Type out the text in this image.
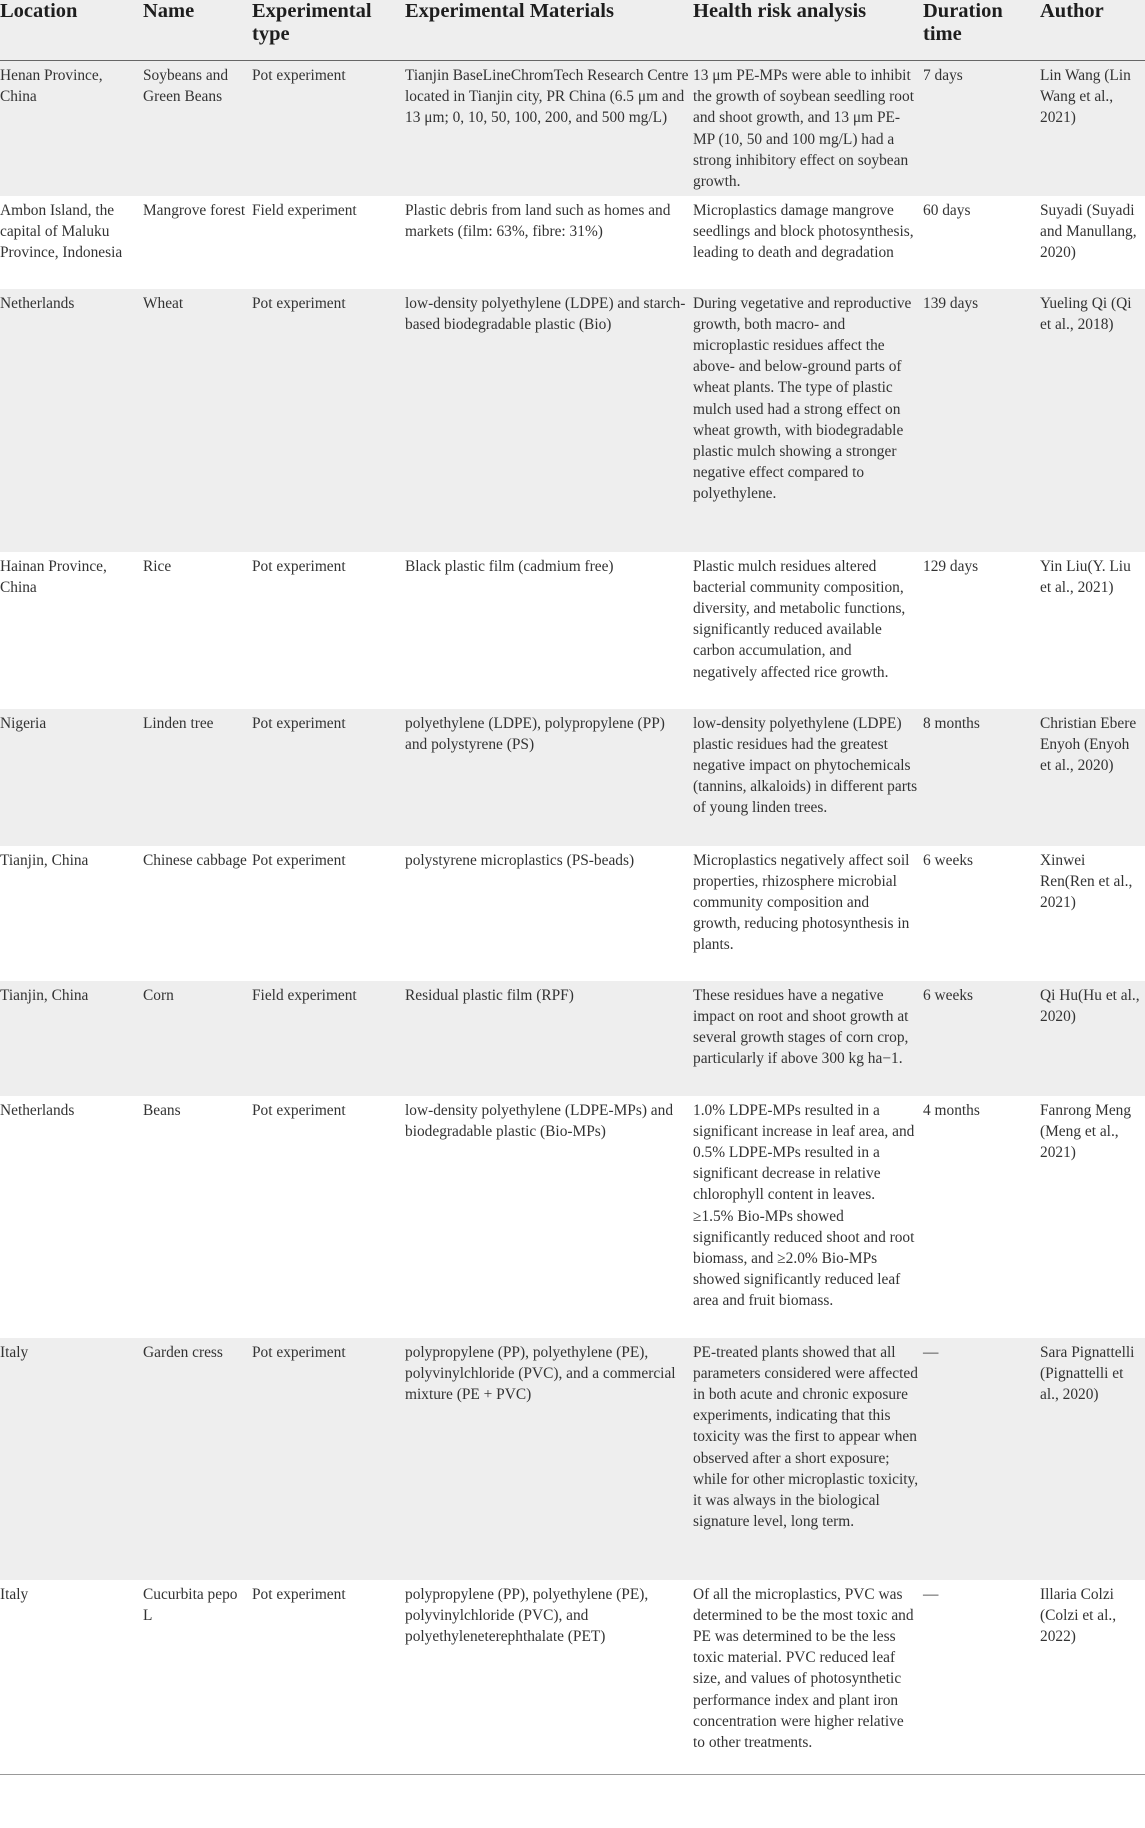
Location	Name	Experimental type	Experimental Materials	Health risk analysis	Duration time	Author
Henan Province, China	Soybeans and Green Beans	Pot experiment	Tianjin BaseLineChromTech Research Centre located in Tianjin city, PR China (6.5 μm and 13 μm; 0, 10, 50, 100, 200, and 500 mg/L)	13 μm PE-MPs were able to inhibit the growth of soybean seedling root and shoot growth, and 13 μm PE-MP (10, 50 and 100 mg/L) had a strong inhibitory effect on soybean growth.	7 days	Lin Wang (Lin Wang et al., 2021)
Ambon Island, the capital of Maluku Province, Indonesia	Mangrove forest	Field experiment	Plastic debris from land such as homes and markets (film: 63%, fibre: 31%)	Microplastics damage mangrove seedlings and block photosynthesis, leading to death and degradation	60 days	Suyadi (Suyadi and Manullang, 2020)
Netherlands	Wheat	Pot experiment	low-density polyethylene (LDPE) and starch-based biodegradable plastic (Bio)	During vegetative and reproductive growth, both macro- and microplastic residues affect the above- and below-ground parts of wheat plants. The type of plastic mulch used had a strong effect on wheat growth, with biodegradable plastic mulch showing a stronger negative effect compared to polyethylene.	139 days	Yueling Qi (Qi et al., 2018)
Hainan Province, China	Rice	Pot experiment	Black plastic film (cadmium free)	Plastic mulch residues altered bacterial community composition, diversity, and metabolic functions, significantly reduced available carbon accumulation, and negatively affected rice growth.	129 days	Yin Liu(Y. Liu et al., 2021)
Nigeria	Linden tree	Pot experiment	polyethylene (LDPE), polypropylene (PP) and polystyrene (PS)	low-density polyethylene (LDPE) plastic residues had the greatest negative impact on phytochemicals (tannins, alkaloids) in different parts of young linden trees.	8 months	Christian Ebere Enyoh (Enyoh et al., 2020)
Tianjin, China	Chinese cabbage	Pot experiment	polystyrene microplastics (PS-beads)	Microplastics negatively affect soil properties, rhizosphere microbial community composition and growth, reducing photosynthesis in plants.	6 weeks	Xinwei Ren(Ren et al., 2021)
Tianjin, China	Corn	Field experiment	Residual plastic film (RPF)	These residues have a negative impact on root and shoot growth at several growth stages of corn crop, particularly if above 300 kg ha−1.	6 weeks	Qi Hu(Hu et al., 2020)
Netherlands	Beans	Pot experiment	low-density polyethylene (LDPE-MPs) and biodegradable plastic (Bio-MPs)	1.0% LDPE-MPs resulted in a significant increase in leaf area, and 0.5% LDPE-MPs resulted in a significant decrease in relative chlorophyll content in leaves. ≥1.5% Bio-MPs showed significantly reduced shoot and root biomass, and ≥2.0% Bio-MPs showed significantly reduced leaf area and fruit biomass.	4 months	Fanrong Meng (Meng et al., 2021)
Italy	Garden cress	Pot experiment	polypropylene (PP), polyethylene (PE), polyvinylchloride (PVC), and a commercial mixture (PE + PVC)	PE-treated plants showed that all parameters considered were affected in both acute and chronic exposure experiments, indicating that this toxicity was the first to appear when observed after a short exposure; while for other microplastic toxicity, it was always in the biological signature level, long term.	—	Sara Pignattelli (Pignattelli et al., 2020)
Italy	Cucurbita pepo L	Pot experiment	polypropylene (PP), polyethylene (PE), polyvinylchloride (PVC), and polyethyleneterephthalate (PET)	Of all the microplastics, PVC was determined to be the most toxic and PE was determined to be the less toxic material. PVC reduced leaf size, and values of photosynthetic performance index and plant iron concentration were higher relative to other treatments.	—	Illaria Colzi (Colzi et al., 2022)
